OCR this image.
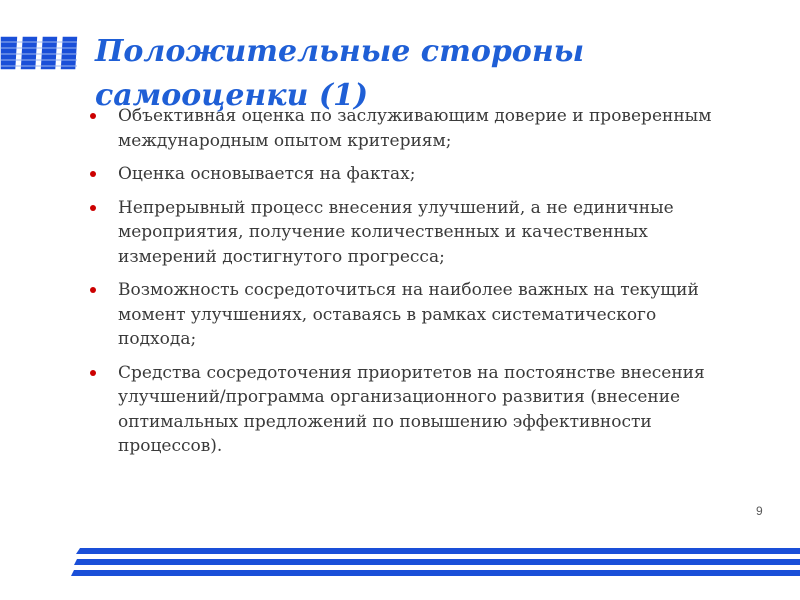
Положительные стороны
самооценки (1)
Объективная оценка по заслуживающим доверие и проверенным международным опытом критериям;
Оценка основывается на фактах;
Непрерывный процесс внесения улучшений, а не единичные мероприятия, получение количественных и качественных измерений достигнутого прогресса;
Возможность сосредоточиться на наиболее важных на текущий момент улучшениях, оставаясь в рамках систематического подхода;
Средства сосредоточения приоритетов на постоянстве внесения улучшений/программа организационного развития (внесение оптимальных предложений по повышению эффективности процессов).
9
